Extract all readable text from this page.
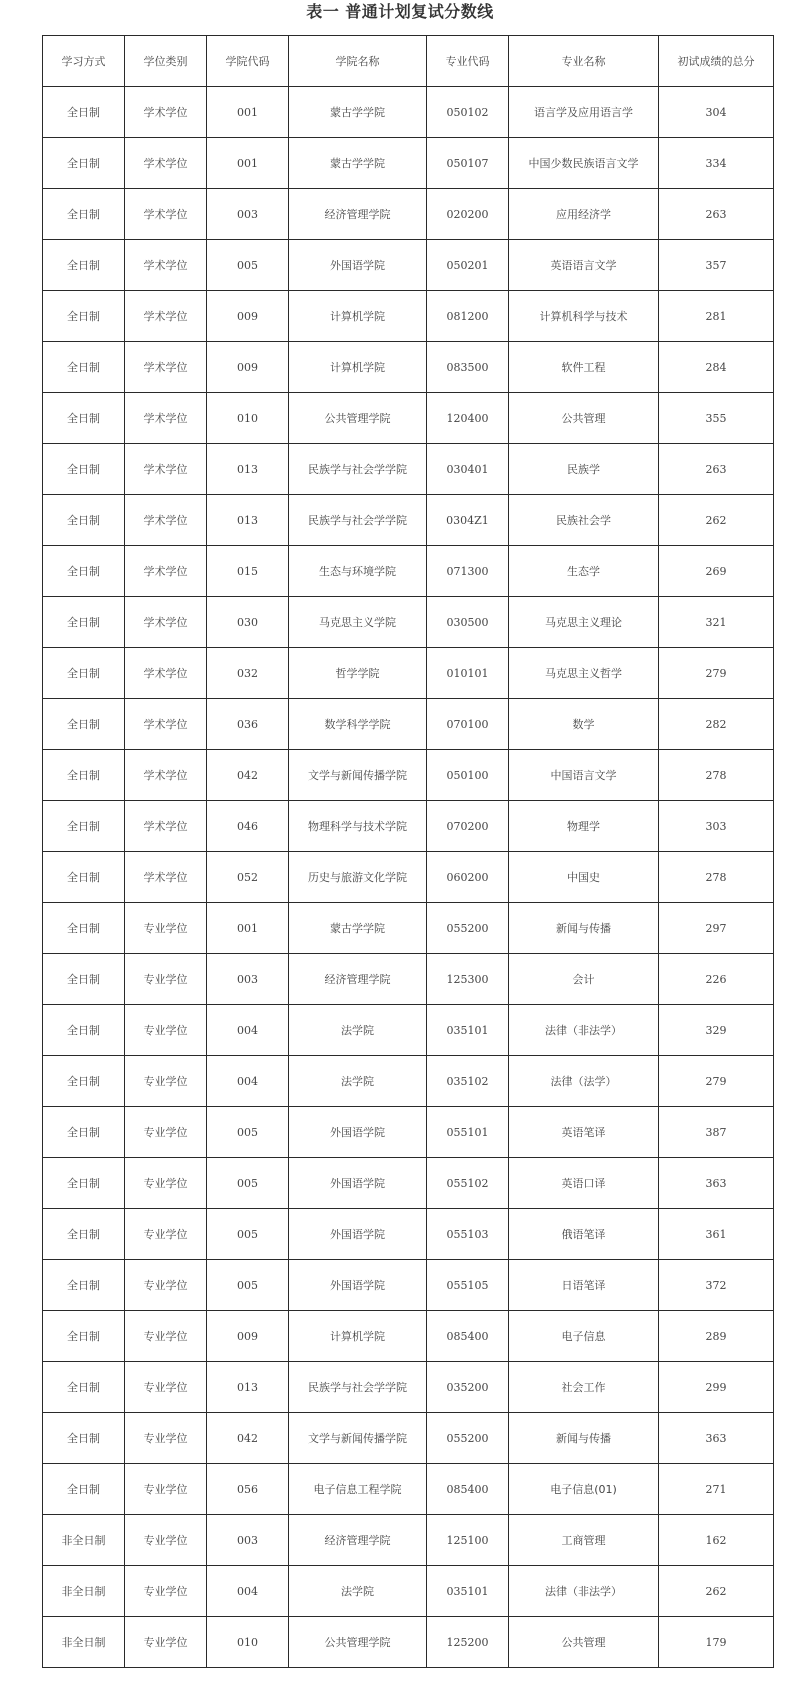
表一 普通计划复试分数线
学习方式	学位类别	学院代码	学院名称	专业代码	专业名称	初试成绩的总分
全日制	学术学位	001	蒙古学学院	050102	语言学及应用语言学	304
全日制	学术学位	001	蒙古学学院	050107	中国少数民族语言文学	334
全日制	学术学位	003	经济管理学院	020200	应用经济学	263
全日制	学术学位	005	外国语学院	050201	英语语言文学	357
全日制	学术学位	009	计算机学院	081200	计算机科学与技术	281
全日制	学术学位	009	计算机学院	083500	软件工程	284
全日制	学术学位	010	公共管理学院	120400	公共管理	355
全日制	学术学位	013	民族学与社会学学院	030401	民族学	263
全日制	学术学位	013	民族学与社会学学院	0304Z1	民族社会学	262
全日制	学术学位	015	生态与环境学院	071300	生态学	269
全日制	学术学位	030	马克思主义学院	030500	马克思主义理论	321
全日制	学术学位	032	哲学学院	010101	马克思主义哲学	279
全日制	学术学位	036	数学科学学院	070100	数学	282
全日制	学术学位	042	文学与新闻传播学院	050100	中国语言文学	278
全日制	学术学位	046	物理科学与技术学院	070200	物理学	303
全日制	学术学位	052	历史与旅游文化学院	060200	中国史	278
全日制	专业学位	001	蒙古学学院	055200	新闻与传播	297
全日制	专业学位	003	经济管理学院	125300	会计	226
全日制	专业学位	004	法学院	035101	法律（非法学）	329
全日制	专业学位	004	法学院	035102	法律（法学）	279
全日制	专业学位	005	外国语学院	055101	英语笔译	387
全日制	专业学位	005	外国语学院	055102	英语口译	363
全日制	专业学位	005	外国语学院	055103	俄语笔译	361
全日制	专业学位	005	外国语学院	055105	日语笔译	372
全日制	专业学位	009	计算机学院	085400	电子信息	289
全日制	专业学位	013	民族学与社会学学院	035200	社会工作	299
全日制	专业学位	042	文学与新闻传播学院	055200	新闻与传播	363
全日制	专业学位	056	电子信息工程学院	085400	电子信息(01)	271
非全日制	专业学位	003	经济管理学院	125100	工商管理	162
非全日制	专业学位	004	法学院	035101	法律（非法学）	262
非全日制	专业学位	010	公共管理学院	125200	公共管理	179
